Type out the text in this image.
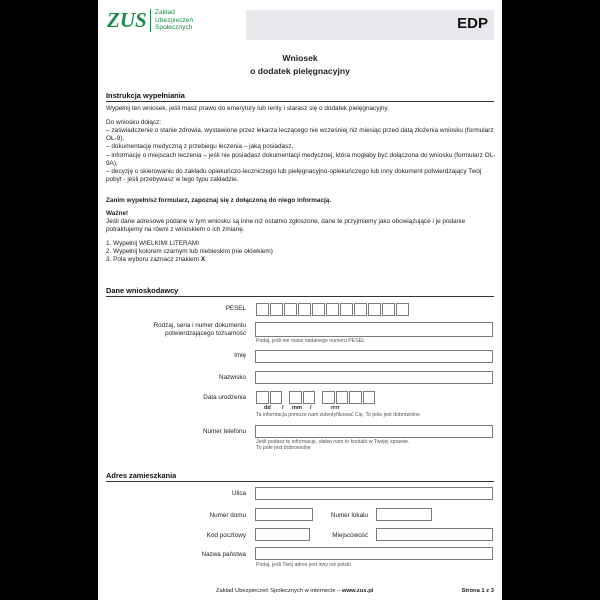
ZUS Zakład
Ubezpieczeń
Społecznych	EDP
Wniosek
o dodatek pielęgnacyjny
Instrukcja wypełniania
Wypełnij ten wniosek, jeśli masz prawo do emerytury lub renty i starasz się o dodatek pielęgnacyjny.
Do wniosku dołącz:
– zaświadczenie o stanie zdrowia, wystawione przez lekarza leczącego nie wcześniej niż miesiąc przed datą złożenia wniosku (formularz OL-9),
– dokumentację medyczną z przebiegu leczenia – jaką posiadasz,
– informację o miejscach leczenia – jeśli nie posiadasz dokumentacji medycznej, która mogłaby być dołączona do wniosku (formularz OL-9A),
– decyzję o skierowaniu do zakładu opiekuńczo-leczniczego lub pielęgnacyjno-opiekuńczego lub inny dokument potwierdzający Twój pobyt - jeśli przebywasz w tego typu zakładzie.
Zanim wypełnisz formularz, zapoznaj się z dołączoną do niego informacją.
Ważne!
Jeśli dane adresowe podane w tym wniosku są inne niż ostatnio zgłoszone, dane te przyjmiemy jako obowiązujące i je podanie potraktujemy na równi z wnioskiem o ich zmianę.
1. Wypełnij WIELKIMI LITERAMI
2. Wypełnij kolorem czarnym lub niebieskim (nie ołówkiem)
3. Pola wyboru zaznacz znakiem X
Dane wnioskodawcy
PESEL
Rodzaj, seria i numer dokumentu
potwierdzającego tożsamość
Podaj, jeśli nie masz nadanego numeru PESEL
Imię
Nazwisko
Data urodzenia
dd / mm /	rrrr
Ta informacja pomoże nam zidentyfikować Cię. To pole jest dobrowolne
Numer telefonu
Jeśli podasz tę informację, ułatwi nam to kontakt w Twojej sprawie.
To pole jest dobrowolne
Adres zamieszkania
Ulica
Numer domu	Numer lokalu
Kod pocztowy	Miejscowość
Nazwa państwa
Podaj, jeśli Twój adres jest inny niż polski
Zakład Ubezpieczeń Społecznych w internecie – www.zus.pl	Strona 1 z 3
